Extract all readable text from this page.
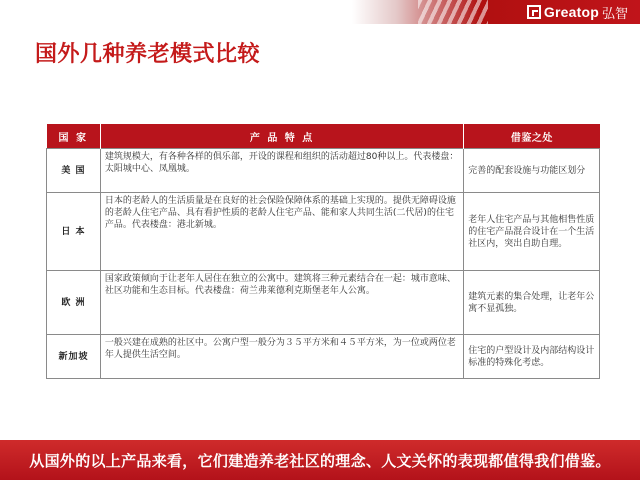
Greatop 弘智
国外几种养老模式比较
国 家	产 品 特 点	借鉴之处
美 国	建筑规模大，有各种各样的俱乐部，开设的课程和组织的活动超过80种以上。代表楼盘：太阳城中心、凤凰城。	完善的配套设施与功能区划分
日 本	日本的老龄人的生活质量是在良好的社会保险保障体系的基础上实现的。提供无障碍设施的老龄人住宅产品、具有看护性质的老龄人住宅产品、能和家人共同生活(二代居)的住宅产品。代表楼盘：港北新城。	老年人住宅产品与其他相售性质的住宅产品混合设计在一个生活社区内，突出自助自理。
欧 洲	国家政策倾向于让老年人居住在独立的公寓中。建筑将三种元素结合在一起：城市意味、社区功能和生态目标。代表楼盘：荷兰弗莱德利克斯堡老年人公寓。	建筑元素的集合处理，让老年公寓不显孤独。
新加坡	一般兴建在成熟的社区中。公寓户型一般分为３５平方米和４５平方米，为一位或两位老年人提供生活空间。	住宅的户型设计及内部结构设计标准的特殊化考虑。
从国外的以上产品来看，它们建造养老社区的理念、人文关怀的表现都值得我们借鉴。
